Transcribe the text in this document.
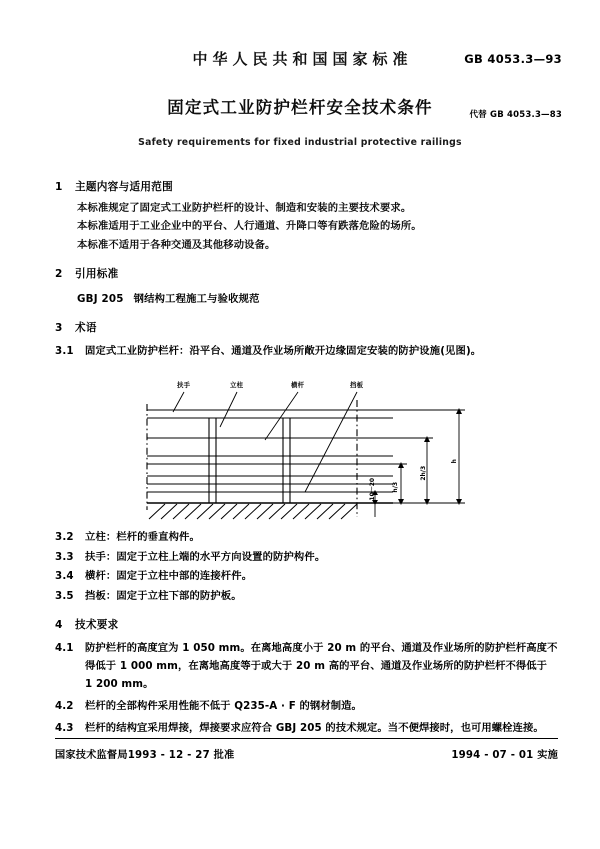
中华人民共和国国家标准	GB 4053.3—93
固定式工业防护栏杆安全技术条件	代替 GB 4053.3—83
Safety requirements for fixed industrial protective railings
1 主题内容与适用范围
本标准规定了固定式工业防护栏杆的设计、制造和安装的主要技术要求。
本标准适用于工业企业中的平台、人行通道、升降口等有跌落危险的场所。
本标准不适用于各种交通及其他移动设备。
2 引用标准
GBJ 205 钢结构工程施工与验收规范
3 术语
3.1 固定式工业防护栏杆：沿平台、通道及作业场所敞开边缘固定安装的防护设施(见图)。
扶手	立柱	横杆	挡板
10～20	h/3
2h/3
h
3.2 立柱：栏杆的垂直构件。
3.3 扶手：固定于立柱上端的水平方向设置的防护构件。
3.4 横杆：固定于立柱中部的连接杆件。
3.5 挡板：固定于立柱下部的防护板。
4 技术要求
4.1 防护栏杆的高度宜为 1 050 mm。在离地高度小于 20 m 的平台、通道及作业场所的防护栏杆高度不得低于 1 000 mm，在离地高度等于或大于 20 m 高的平台、通道及作业场所的防护栏杆不得低于 1 200 mm。
4.2 栏杆的全部构件采用性能不低于 Q235-A · F 的钢材制造。
4.3 栏杆的结构宜采用焊接，焊接要求应符合 GBJ 205 的技术规定。当不便焊接时，也可用螺栓连接。
国家技术监督局1993 - 12 - 27 批准	1994 - 07 - 01 实施
